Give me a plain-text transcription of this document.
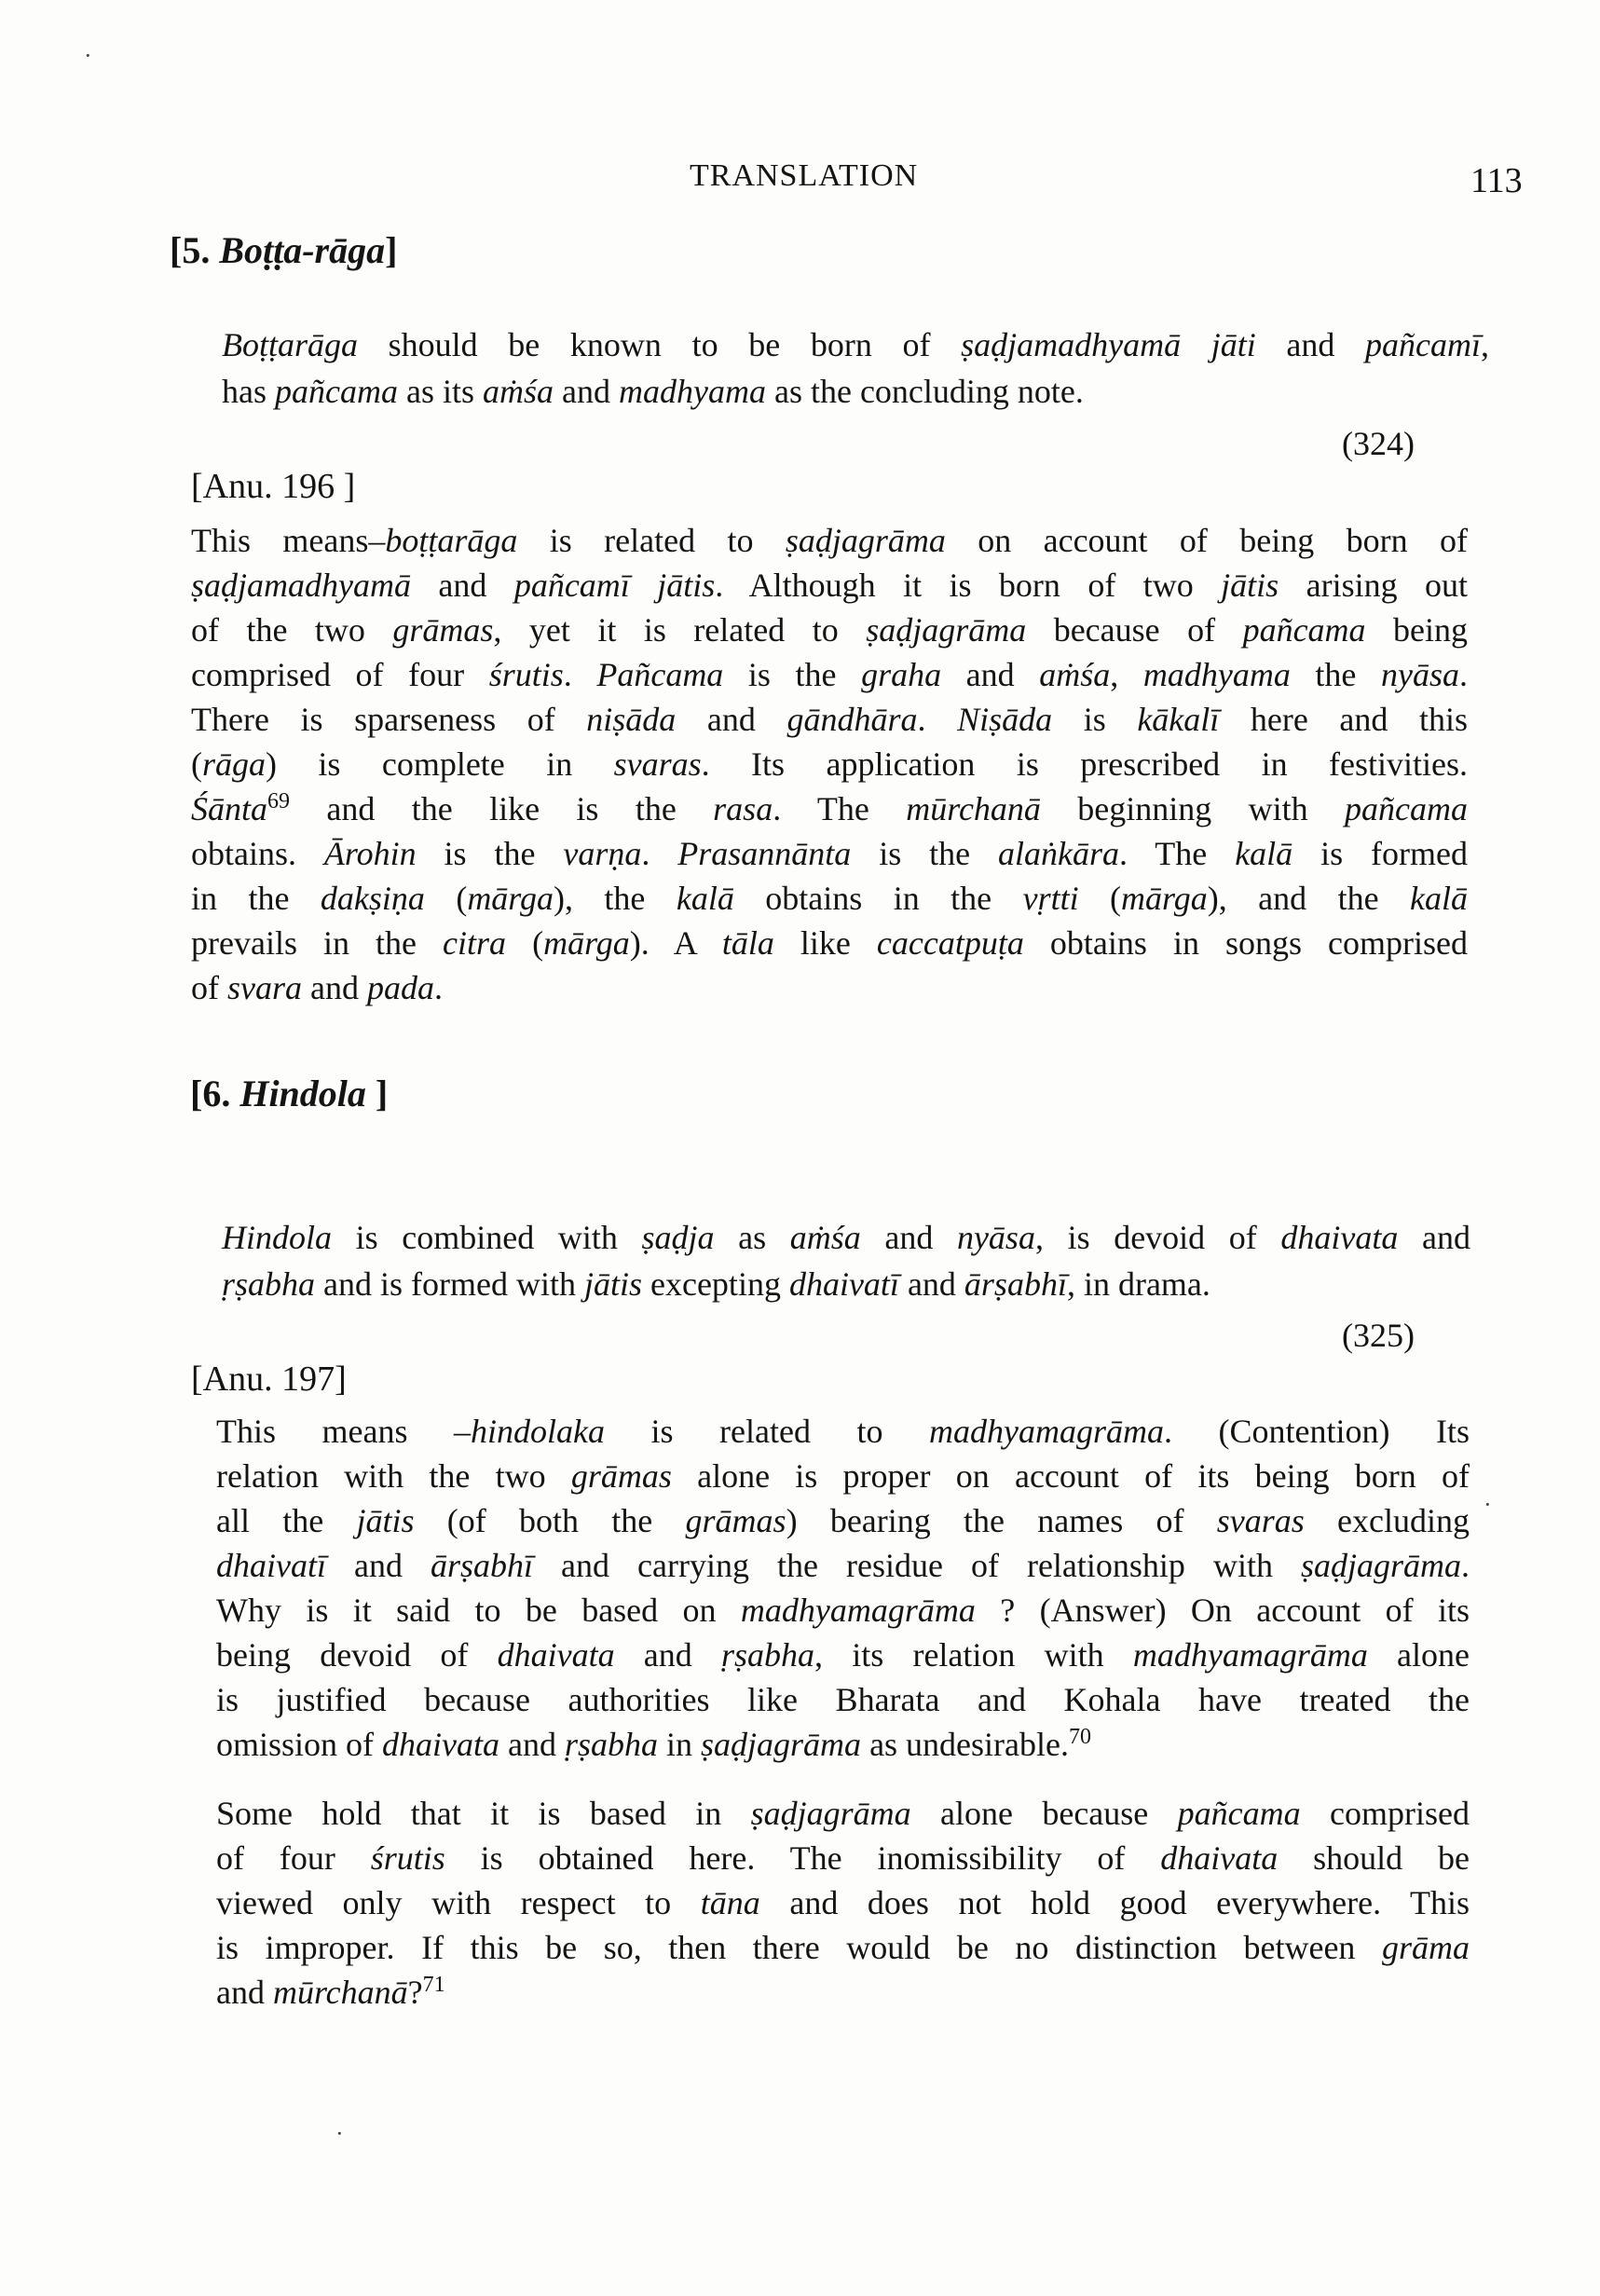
TRANSLATION	113
[5. Boṭṭa-rāga]
Boṭṭarāga should be known to be born of ṣaḍjamadhyamā jāti and pañcamī,
has pañcama as its aṁśa and madhyama as the concluding note.
(324)
[Anu. 196 ]
This means–boṭṭarāga is related to ṣaḍjagrāma on account of being born of
ṣaḍjamadhyamā and pañcamī jātis. Although it is born of two jātis arising out
of the two grāmas, yet it is related to ṣaḍjagrāma because of pañcama being
comprised of four śrutis. Pañcama is the graha and aṁśa, madhyama the nyāsa.
There is sparseness of niṣāda and gāndhāra. Niṣāda is kākalī here and this
(rāga) is complete in svaras. Its application is prescribed in festivities.
Śānta$^{69}$ and the like is the rasa. The mūrchanā beginning with pañcama
obtains. Ārohin is the varṇa. Prasannānta is the alaṅkāra. The kalā is formed
in the dakṣiṇa (mārga), the kalā obtains in the vṛtti (mārga), and the kalā
prevails in the citra (mārga). A tāla like caccatpuṭa obtains in songs comprised
of svara and pada.
[6. Hindola ]
Hindola is combined with ṣaḍja as aṁśa and nyāsa, is devoid of dhaivata and
ṛṣabha and is formed with jātis excepting dhaivatī and ārṣabhī, in drama.
(325)
[Anu. 197]
This means –hindolaka is related to madhyamagrāma. (Contention) Its
relation with the two grāmas alone is proper on account of its being born of
all the jātis (of both the grāmas) bearing the names of svaras excluding
dhaivatī and ārṣabhī and carrying the residue of relationship with ṣaḍjagrāma.
Why is it said to be based on madhyamagrāma ? (Answer) On account of its
being devoid of dhaivata and ṛṣabha, its relation with madhyamagrāma alone
is justified because authorities like Bharata and Kohala have treated the
omission of dhaivata and ṛṣabha in ṣaḍjagrāma as undesirable.$^{70}$
Some hold that it is based in ṣaḍjagrāma alone because pañcama comprised
of four śrutis is obtained here. The inomissibility of dhaivata should be
viewed only with respect to tāna and does not hold good everywhere. This
is improper. If this be so, then there would be no distinction between grāma
and mūrchanā?$^{71}$
·
·
·
